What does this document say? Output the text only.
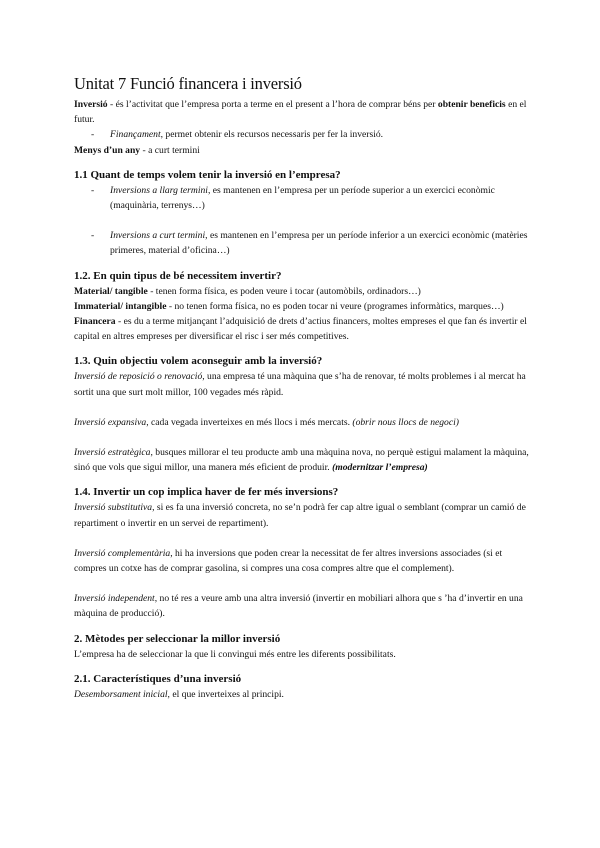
Unitat 7 Funció financera i inversió

Inversió - és l’activitat que l’empresa porta a terme en el present a l’hora de comprar béns per obtenir beneficis en el futur.

- Finançament, permet obtenir els recursos necessaris per fer la inversió.

Menys d’un any - a curt termini

1.1 Quant de temps volem tenir la inversió en l’empresa?

- Inversions a llarg termini, es mantenen en l’empresa per un període superior a un exercici econòmic (maquinària, terrenys…)

- Inversions a curt termini, es mantenen en l’empresa per un període inferior a un exercici econòmic (matèries primeres, material d’oficina…)

1.2. En quin tipus de bé necessitem invertir?

Material/ tangible - tenen forma física, es poden veure i tocar (automòbils, ordinadors…)

Immaterial/ intangible - no tenen forma física, no es poden tocar ni veure (programes informàtics, marques…)

Financera - es du a terme mitjançant l’adquisició de drets d’actius financers, moltes empreses el que fan és invertir el capital en altres empreses per diversificar el risc i ser més competitives.

1.3. Quin objectiu volem aconseguir amb la inversió?

Inversió de reposició o renovació, una empresa té una màquina que s’ha de renovar, té molts problemes i al mercat ha sortit una que surt molt millor, 100 vegades més ràpid.

Inversió expansiva, cada vegada inverteixes en més llocs i més mercats. (obrir nous llocs de negoci)

Inversió estratègica, busques millorar el teu producte amb una màquina nova, no perquè estigui malament la màquina, sinó que vols que sigui millor, una manera més eficient de produir. (modernitzar l’empresa)

1.4. Invertir un cop implica haver de fer més inversions?

Inversió substitutiva, si es fa una inversió concreta, no se’n podrà fer cap altre igual o semblant (comprar un camió de repartiment o invertir en un servei de repartiment).

Inversió complementària, hi ha inversions que poden crear la necessitat de fer altres inversions associades (si et compres un cotxe has de comprar gasolina, si compres una cosa compres altre que el complement).

Inversió independent, no té res a veure amb una altra inversió (invertir en mobiliari alhora que s ’ha d’invertir en una màquina de producció).

2. Mètodes per seleccionar la millor inversió

L’empresa ha de seleccionar la que li convingui més entre les diferents possibilitats.

2.1. Característiques d’una inversió

Desemborsament inicial, el que inverteixes al principi.
